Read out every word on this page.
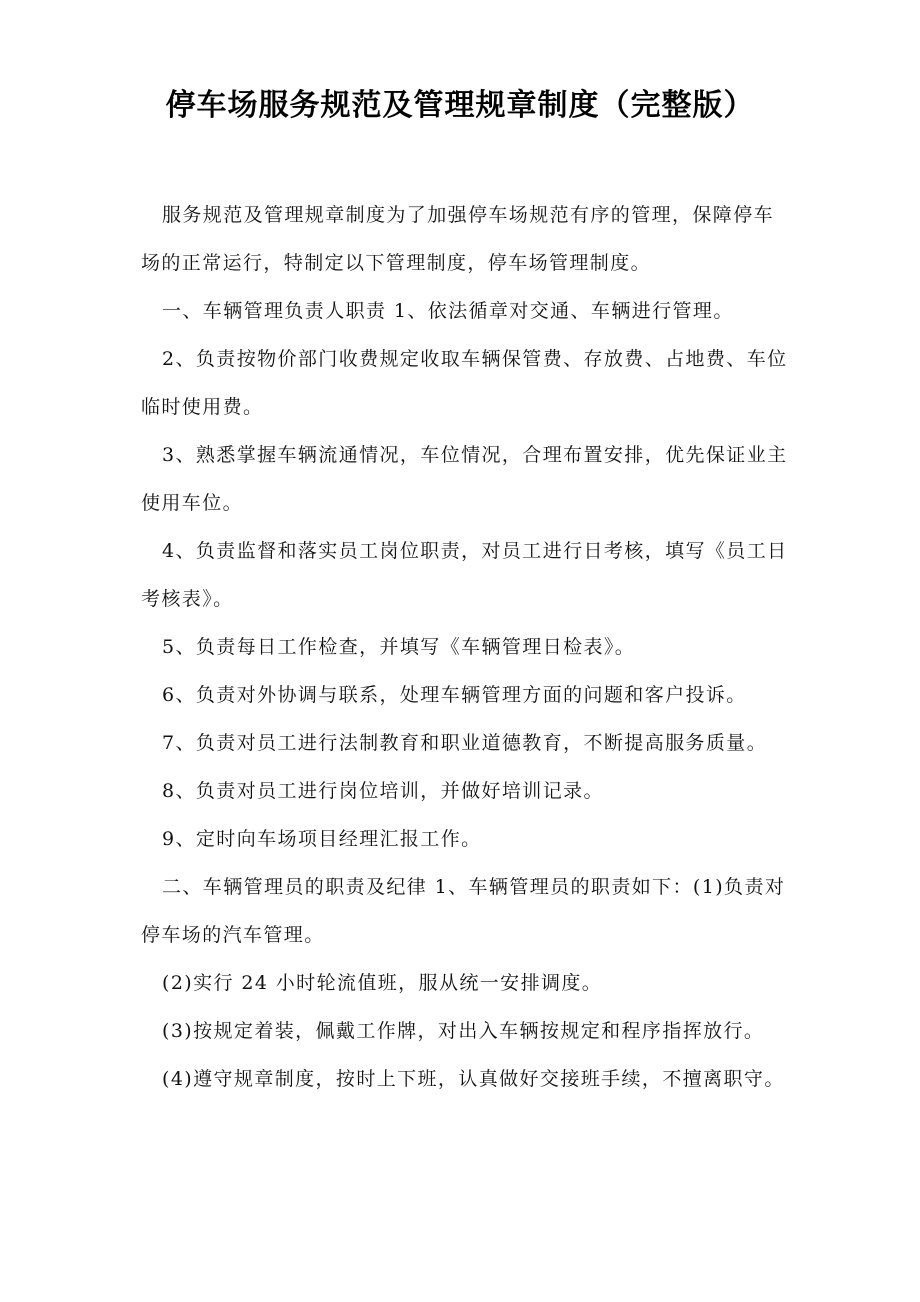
停车场服务规范及管理规章制度（完整版）

服务规范及管理规章制度为了加强停车场规范有序的管理，保障停车场的正常运行，特制定以下管理制度，停车场管理制度。

一、车辆管理负责人职责 1、依法循章对交通、车辆进行管理。

2、负责按物价部门收费规定收取车辆保管费、存放费、占地费、车位临时使用费。

3、熟悉掌握车辆流通情况，车位情况，合理布置安排，优先保证业主使用车位。

4、负责监督和落实员工岗位职责，对员工进行日考核，填写《员工日考核表》。

5、负责每日工作检查，并填写《车辆管理日检表》。

6、负责对外协调与联系，处理车辆管理方面的问题和客户投诉。

7、负责对员工进行法制教育和职业道德教育，不断提高服务质量。

8、负责对员工进行岗位培训，并做好培训记录。

9、定时向车场项目经理汇报工作。

二、车辆管理员的职责及纪律 1、车辆管理员的职责如下：(1)负责对停车场的汽车管理。

(2)实行 24 小时轮流值班，服从统一安排调度。

(3)按规定着装，佩戴工作牌，对出入车辆按规定和程序指挥放行。

(4)遵守规章制度，按时上下班，认真做好交接班手续，不擅离职守。
